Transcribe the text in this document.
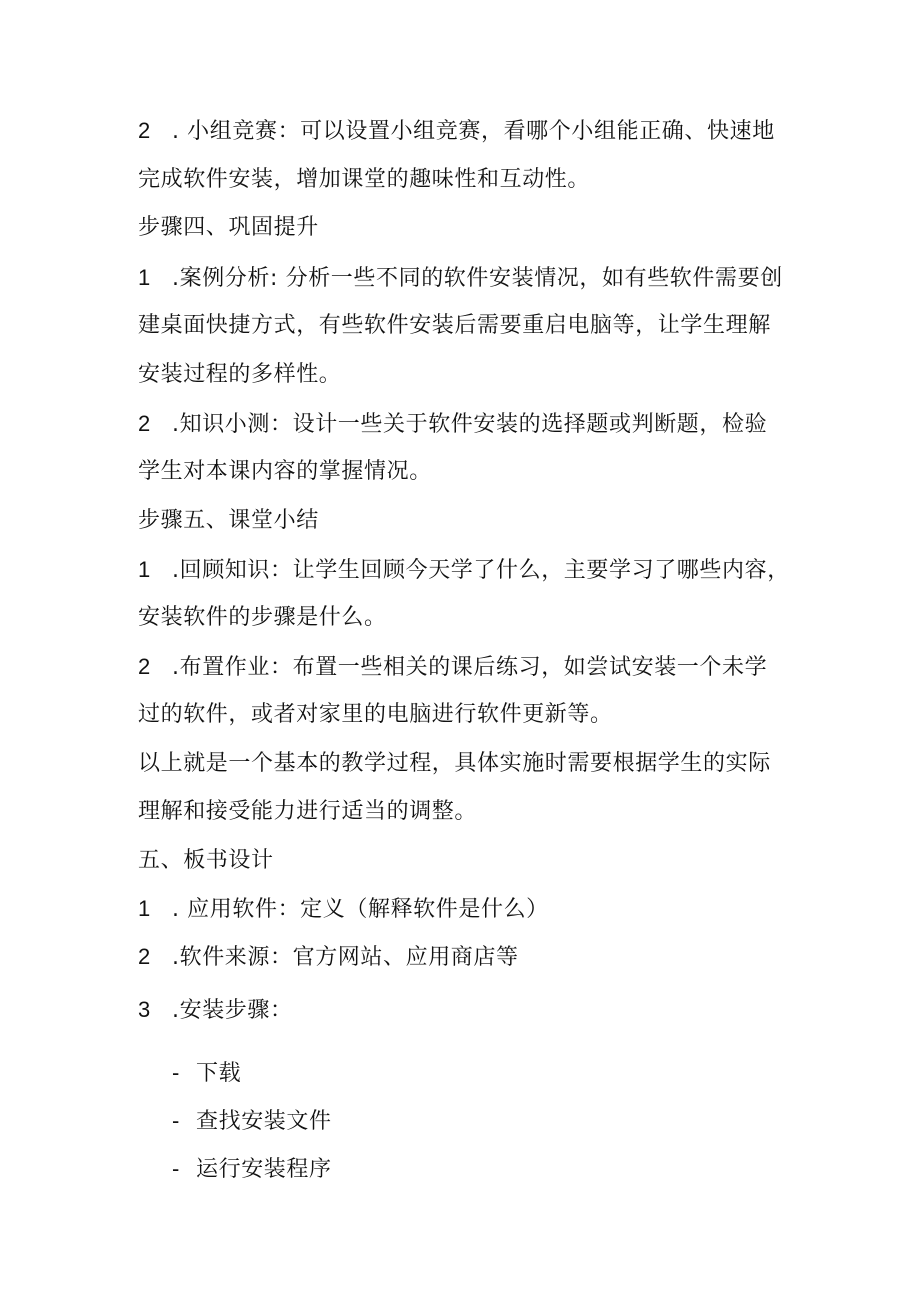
2 . 小组竞赛：可以设置小组竞赛，看哪个小组能正确、快速地
完成软件安装，增加课堂的趣味性和互动性。
步骤四、巩固提升
1 .案例分析: 分析一些不同的软件安装情况，如有些软件需要创
建桌面快捷方式，有些软件安装后需要重启电脑等，让学生理解
安装过程的多样性。
2 .知识小测：设计一些关于软件安装的选择题或判断题，检验
学生对本课内容的掌握情况。
步骤五、课堂小结
1 .回顾知识：让学生回顾今天学了什么，主要学习了哪些内容，
安装软件的步骤是什么。
2 .布置作业：布置一些相关的课后练习，如尝试安装一个未学
过的软件，或者对家里的电脑进行软件更新等。
以上就是一个基本的教学过程，具体实施时需要根据学生的实际
理解和接受能力进行适当的调整。
五、板书设计
1 . 应用软件：定义（解释软件是什么）
2 .软件来源：官方网站、应用商店等
3 .安装步骤：
- 下载
- 查找安装文件
- 运行安装程序
